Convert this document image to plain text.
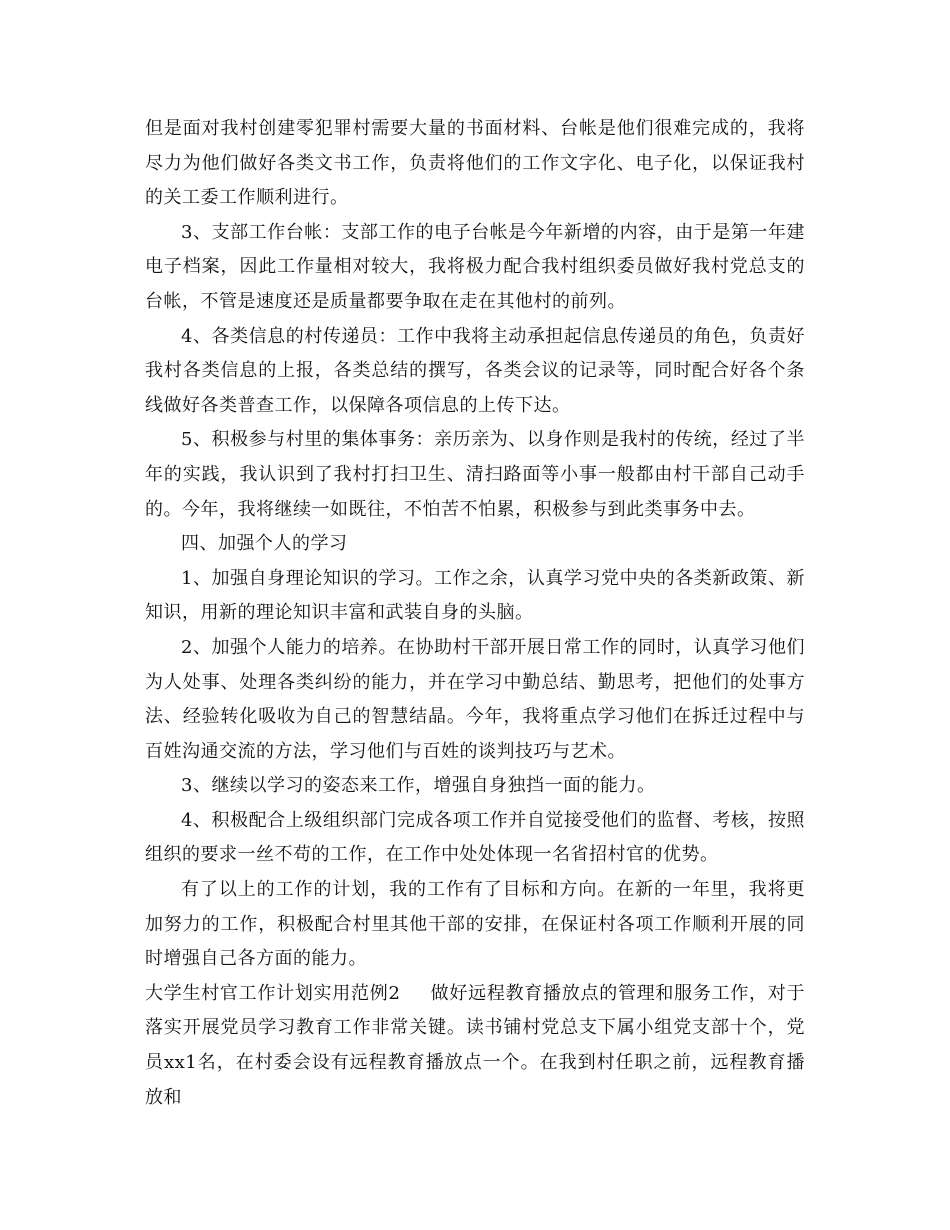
但是面对我村创建零犯罪村需要大量的书面材料、台帐是他们很难完成的，我将尽力为他们做好各类文书工作，负责将他们的工作文字化、电子化，以保证我村的关工委工作顺利进行。

3、支部工作台帐：支部工作的电子台帐是今年新增的内容，由于是第一年建电子档案，因此工作量相对较大，我将极力配合我村组织委员做好我村党总支的台帐，不管是速度还是质量都要争取在走在其他村的前列。

4、各类信息的村传递员：工作中我将主动承担起信息传递员的角色，负责好我村各类信息的上报，各类总结的撰写，各类会议的记录等，同时配合好各个条线做好各类普查工作，以保障各项信息的上传下达。

5、积极参与村里的集体事务：亲历亲为、以身作则是我村的传统，经过了半年的实践，我认识到了我村打扫卫生、清扫路面等小事一般都由村干部自己动手的。今年，我将继续一如既往，不怕苦不怕累，积极参与到此类事务中去。

四、加强个人的学习

1、加强自身理论知识的学习。工作之余，认真学习党中央的各类新政策、新知识，用新的理论知识丰富和武装自身的头脑。

2、加强个人能力的培养。在协助村干部开展日常工作的同时，认真学习他们为人处事、处理各类纠纷的能力，并在学习中勤总结、勤思考，把他们的处事方法、经验转化吸收为自己的智慧结晶。今年，我将重点学习他们在拆迁过程中与百姓沟通交流的方法，学习他们与百姓的谈判技巧与艺术。

3、继续以学习的姿态来工作，增强自身独挡一面的能力。

4、积极配合上级组织部门完成各项工作并自觉接受他们的监督、考核，按照组织的要求一丝不苟的工作，在工作中处处体现一名省招村官的优势。

有了以上的工作的计划，我的工作有了目标和方向。在新的一年里，我将更加努力的工作，积极配合村里其他干部的安排，在保证村各项工作顺利开展的同时增强自己各方面的能力。

大学生村官工作计划实用范例2 做好远程教育播放点的管理和服务工作，对于落实开展党员学习教育工作非常关键。读书铺村党总支下属小组党支部十个，党员xx1名，在村委会设有远程教育播放点一个。在我到村任职之前，远程教育播放和
